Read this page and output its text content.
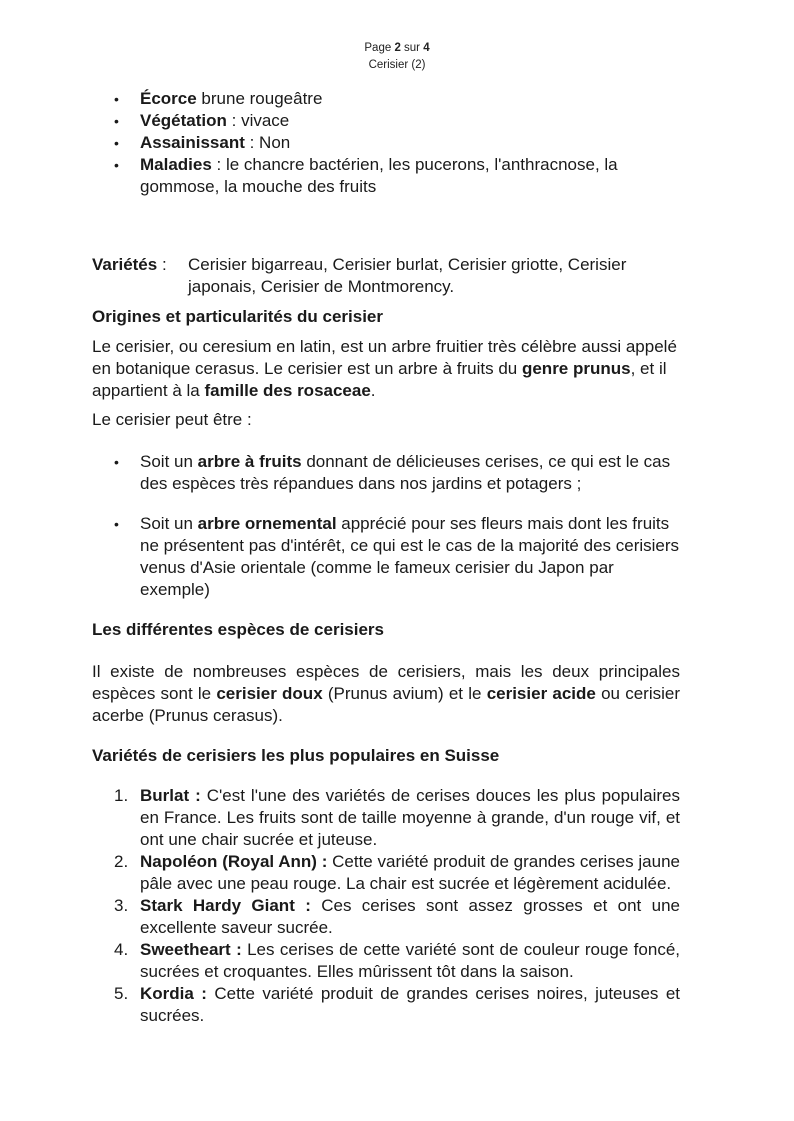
Page 2 sur 4
Cerisier (2)
• Écorce brune rougeâtre
• Végétation : vivace
• Assainissant : Non
• Maladies : le chancre bactérien, les pucerons, l'anthracnose, la gommose, la mouche des fruits
Variétés :	Cerisier bigarreau, Cerisier burlat, Cerisier griotte, Cerisier japonais, Cerisier de Montmorency.

Origines et particularités du cerisier

Le cerisier, ou ceresium en latin, est un arbre fruitier très célèbre aussi appelé en botanique cerasus. Le cerisier est un arbre à fruits du genre prunus, et il appartient à la famille des rosaceae.

Le cerisier peut être :

• Soit un arbre à fruits donnant de délicieuses cerises, ce qui est le cas des espèces très répandues dans nos jardins et potagers ;
• Soit un arbre ornemental apprécié pour ses fleurs mais dont les fruits ne présentent pas d'intérêt, ce qui est le cas de la majorité des cerisiers venus d'Asie orientale (comme le fameux cerisier du Japon par exemple)

Les différentes espèces de cerisiers

Il existe de nombreuses espèces de cerisiers, mais les deux principales espèces sont le cerisier doux (Prunus avium) et le cerisier acide ou cerisier acerbe (Prunus cerasus).

Variétés de cerisiers les plus populaires en Suisse

1. Burlat : C'est l'une des variétés de cerises douces les plus populaires en France. Les fruits sont de taille moyenne à grande, d'un rouge vif, et ont une chair sucrée et juteuse.
2. Napoléon (Royal Ann) : Cette variété produit de grandes cerises jaune pâle avec une peau rouge. La chair est sucrée et légèrement acidulée.
3. Stark Hardy Giant : Ces cerises sont assez grosses et ont une excellente saveur sucrée.
4. Sweetheart : Les cerises de cette variété sont de couleur rouge foncé, sucrées et croquantes. Elles mûrissent tôt dans la saison.
5. Kordia : Cette variété produit de grandes cerises noires, juteuses et sucrées.
